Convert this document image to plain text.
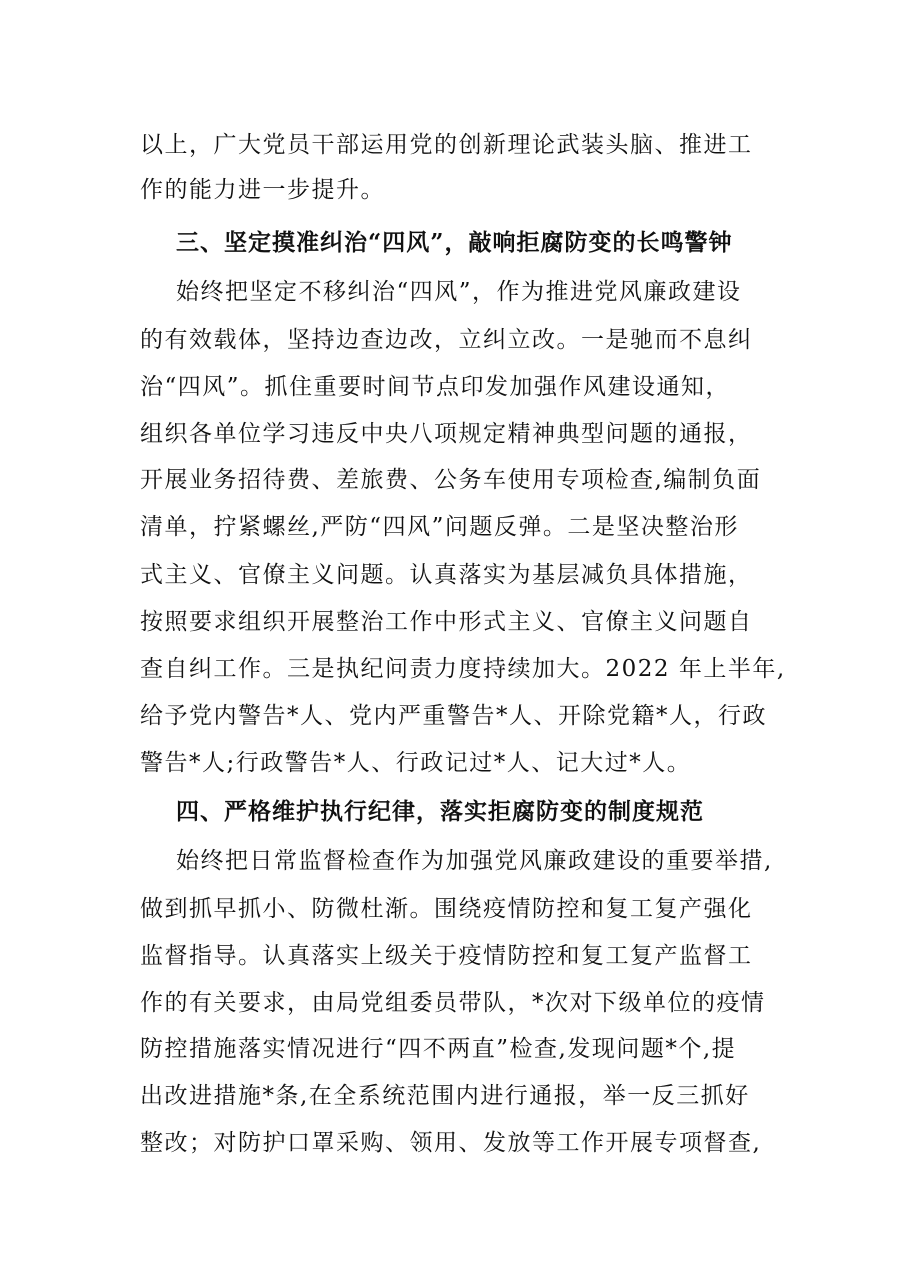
以上，广大党员干部运用党的创新理论武装头脑、推进工
作的能力进一步提升。
三、坚定摸准纠治“四风”，敲响拒腐防变的长鸣警钟
始终把坚定不移纠治“四风”，作为推进党风廉政建设
的有效载体，坚持边查边改，立纠立改。一是驰而不息纠
治“四风”。抓住重要时间节点印发加强作风建设通知，
组织各单位学习违反中央八项规定精神典型问题的通报，
开展业务招待费、差旅费、公务车使用专项检查,编制负面
清单，拧紧螺丝,严防“四风”问题反弹。二是坚决整治形
式主义、官僚主义问题。认真落实为基层减负具体措施，
按照要求组织开展整治工作中形式主义、官僚主义问题自
查自纠工作。三是执纪问责力度持续加大。2022 年上半年,
给予党内警告*人、党内严重警告*人、开除党籍*人，行政
警告*人;行政警告*人、行政记过*人、记大过*人。
四、严格维护执行纪律，落实拒腐防变的制度规范
始终把日常监督检查作为加强党风廉政建设的重要举措,
做到抓早抓小、防微杜渐。围绕疫情防控和复工复产强化
监督指导。认真落实上级关于疫情防控和复工复产监督工
作的有关要求，由局党组委员带队，*次对下级单位的疫情
防控措施落实情况进行“四不两直”检查,发现问题*个,提
出改进措施*条,在全系统范围内进行通报，举一反三抓好
整改；对防护口罩采购、领用、发放等工作开展专项督查,
